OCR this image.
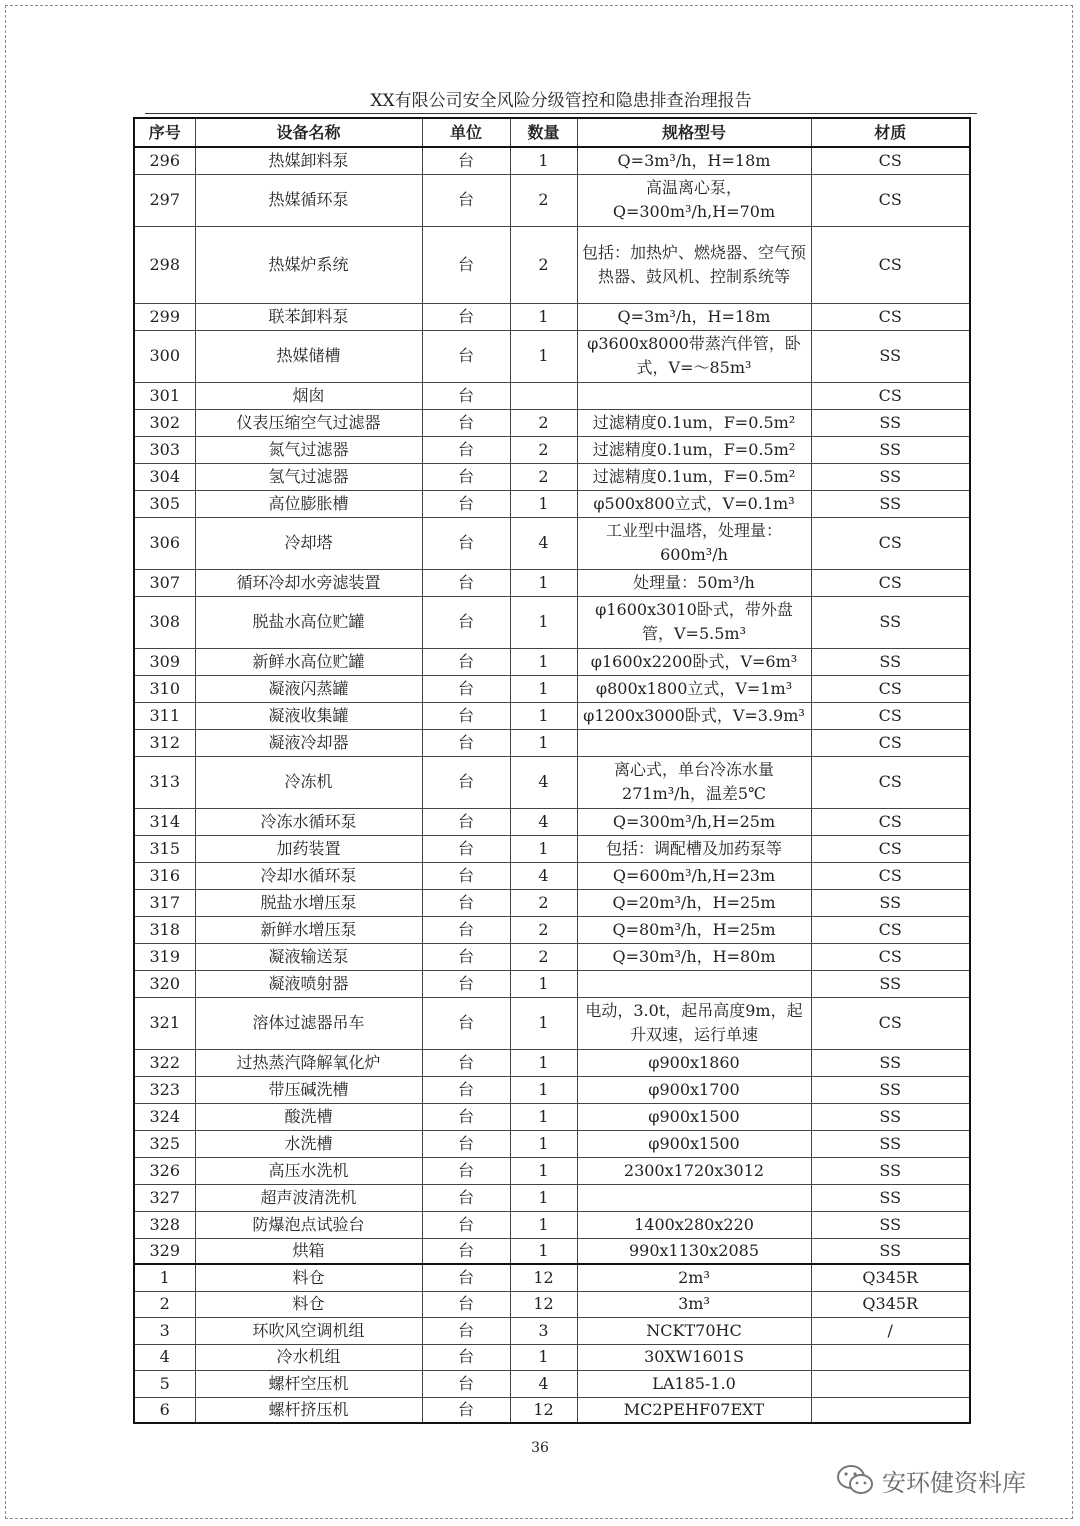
XX有限公司安全风险分级管控和隐患排查治理报告
序号	设备名称	单位	数量	规格型号	材质
296	热媒卸料泵	台	1	Q=3m³/h，H=18m	CS
297	热媒循环泵	台	2	高温离心泵，Q=300m³/h,H=70m	CS
298	热媒炉系统	台	2	包括：加热炉、燃烧器、空气预热器、鼓风机、控制系统等	CS
299	联苯卸料泵	台	1	Q=3m³/h，H=18m	CS
300	热媒储槽	台	1	φ3600x8000带蒸汽伴管，卧式，V=～85m³	SS
301	烟囱	台			CS
302	仪表压缩空气过滤器	台	2	过滤精度0.1um，F=0.5m²	SS
303	氮气过滤器	台	2	过滤精度0.1um，F=0.5m²	SS
304	氢气过滤器	台	2	过滤精度0.1um，F=0.5m²	SS
305	高位膨胀槽	台	1	φ500x800立式，V=0.1m³	SS
306	冷却塔	台	4	工业型中温塔，处理量：600m³/h	CS
307	循环冷却水旁滤装置	台	1	处理量：50m³/h	CS
308	脱盐水高位贮罐	台	1	φ1600x3010卧式，带外盘管，V=5.5m³	SS
309	新鲜水高位贮罐	台	1	φ1600x2200卧式，V=6m³	SS
310	凝液闪蒸罐	台	1	φ800x1800立式，V=1m³	CS
311	凝液收集罐	台	1	φ1200x3000卧式，V=3.9m³	CS
312	凝液冷却器	台	1		CS
313	冷冻机	台	4	离心式，单台冷冻水量271m³/h，温差5℃	CS
314	冷冻水循环泵	台	4	Q=300m³/h,H=25m	CS
315	加药装置	台	1	包括：调配槽及加药泵等	CS
316	冷却水循环泵	台	4	Q=600m³/h,H=23m	CS
317	脱盐水增压泵	台	2	Q=20m³/h，H=25m	SS
318	新鲜水增压泵	台	2	Q=80m³/h，H=25m	CS
319	凝液输送泵	台	2	Q=30m³/h，H=80m	CS
320	凝液喷射器	台	1		SS
321	溶体过滤器吊车	台	1	电动，3.0t，起吊高度9m，起升双速，运行单速	CS
322	过热蒸汽降解氧化炉	台	1	φ900x1860	SS
323	带压碱洗槽	台	1	φ900x1700	SS
324	酸洗槽	台	1	φ900x1500	SS
325	水洗槽	台	1	φ900x1500	SS
326	高压水洗机	台	1	2300x1720x3012	SS
327	超声波清洗机	台	1		SS
328	防爆泡点试验台	台	1	1400x280x220	SS
329	烘箱	台	1	990x1130x2085	SS
1	料仓	台	12	2m³	Q345R
2	料仓	台	12	3m³	Q345R
3	环吹风空调机组	台	3	NCKT70HC	/
4	冷水机组	台	1	30XW1601S	
5	螺杆空压机	台	4	LA185-1.0	
6	螺杆挤压机	台	12	MC2PEHF07EXT	
36
安环健资料库
